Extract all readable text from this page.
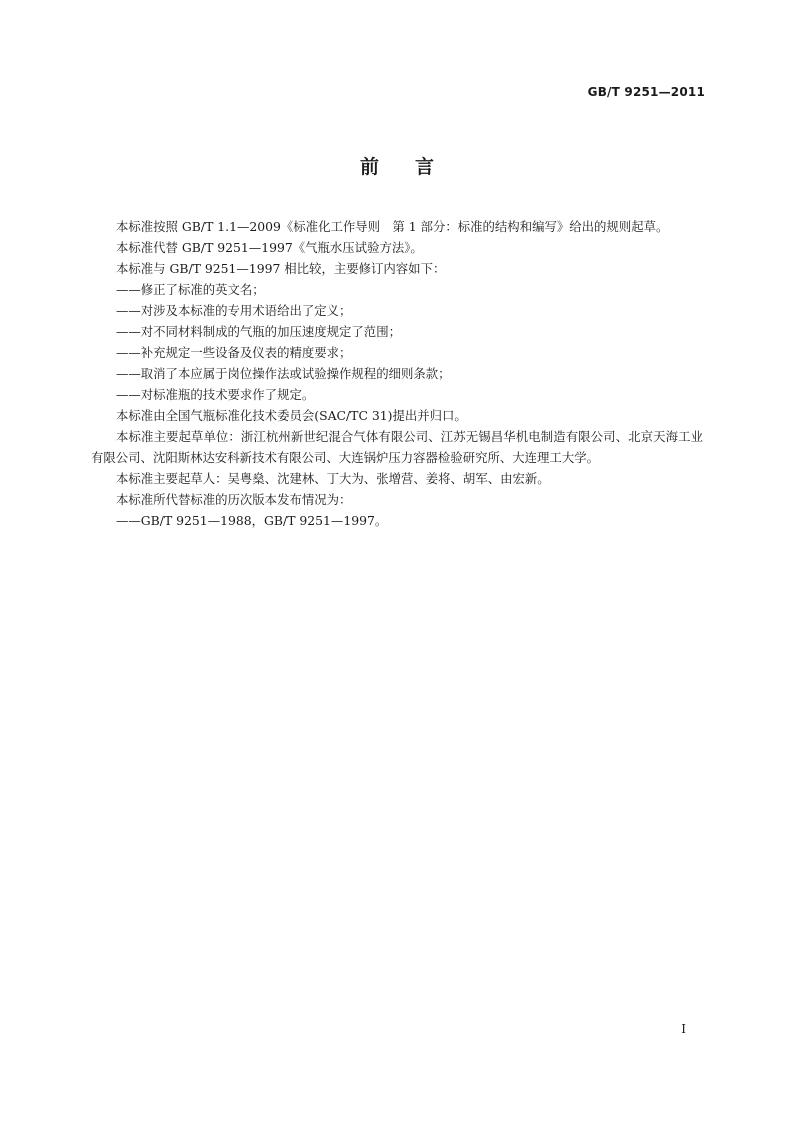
GB/T 9251—2011
前言

本标准按照 GB/T 1.1—2009《标准化工作导则　第 1 部分：标准的结构和编写》给出的规则起草。

本标准代替 GB/T 9251—1997《气瓶水压试验方法》。

本标准与 GB/T 9251—1997 相比较，主要修订内容如下：

——修正了标准的英文名；

——对涉及本标准的专用术语给出了定义；

——对不同材料制成的气瓶的加压速度规定了范围；

——补充规定一些设备及仪表的精度要求；

——取消了本应属于岗位操作法或试验操作规程的细则条款；

——对标准瓶的技术要求作了规定。

本标准由全国气瓶标准化技术委员会(SAC/TC 31)提出并归口。

本标准主要起草单位：浙江杭州新世纪混合气体有限公司、江苏无锡昌华机电制造有限公司、北京天海工业有限公司、沈阳斯林达安科新技术有限公司、大连锅炉压力容器检验研究所、大连理工大学。

本标准主要起草人：吴粤燊、沈建林、丁大为、张增营、姜将、胡军、由宏新。

本标准所代替标准的历次版本发布情况为：

——GB/T 9251—1988，GB/T 9251—1997。

I
